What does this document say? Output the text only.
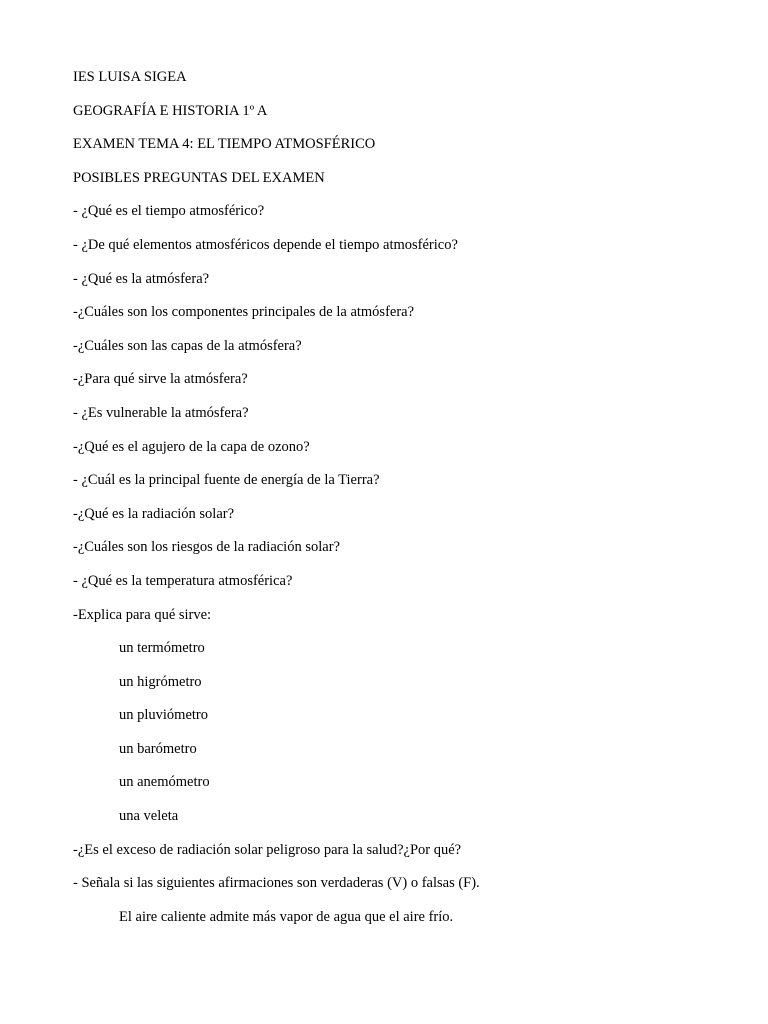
IES LUISA SIGEA
GEOGRAFÍA E HISTORIA 1º A
EXAMEN TEMA 4: EL TIEMPO ATMOSFÉRICO
POSIBLES PREGUNTAS DEL EXAMEN
- ¿Qué es el tiempo atmosférico?
- ¿De qué elementos atmosféricos depende el tiempo atmosférico?
- ¿Qué es la atmósfera?
-¿Cuáles son los componentes principales de la atmósfera?
-¿Cuáles son las capas de la atmósfera?
-¿Para qué sirve la atmósfera?
- ¿Es vulnerable la atmósfera?
-¿Qué es el agujero de la capa de ozono?
- ¿Cuál es la principal fuente de energía de la Tierra?
-¿Qué es la radiación solar?
-¿Cuáles son los riesgos de la radiación solar?
- ¿Qué es la temperatura atmosférica?
-Explica para qué sirve:
un termómetro
un higrómetro
un pluviómetro
un barómetro
un anemómetro
una veleta
-¿Es el exceso de radiación solar peligroso para la salud?¿Por qué?
- Señala si las siguientes afirmaciones son verdaderas (V) o falsas (F).
El aire caliente admite más vapor de agua que el aire frío.
